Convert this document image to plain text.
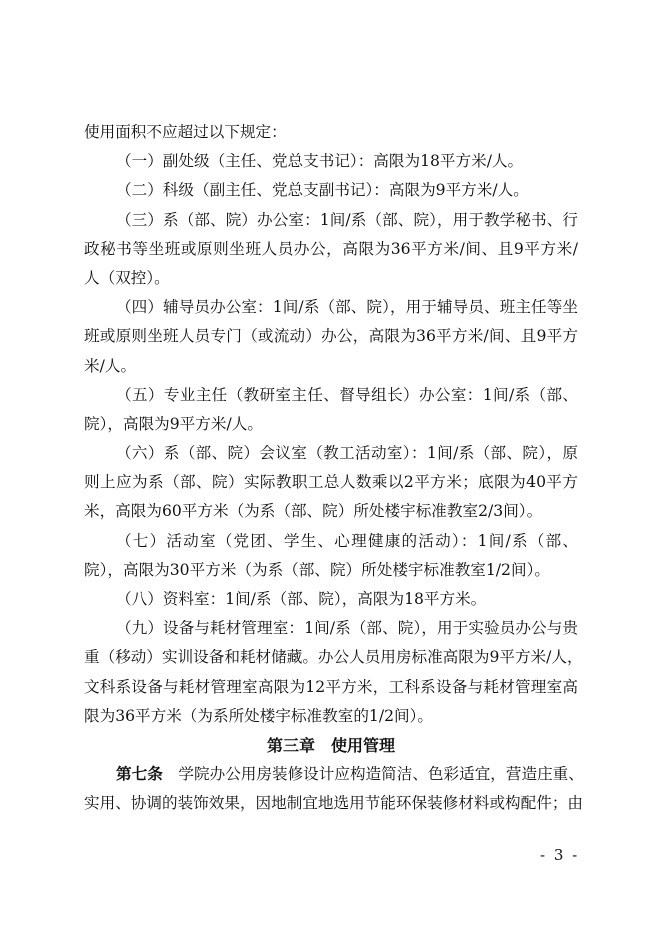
使用面积不应超过以下规定：
（一）副处级（主任、党总支书记）：高限为18平方米/人。
（二）科级（副主任、党总支副书记）：高限为9平方米/人。
（三）系（部、院）办公室：1间/系（部、院），用于教学秘书、行
政秘书等坐班或原则坐班人员办公，高限为36平方米/间、且9平方米/
人（双控）。
（四）辅导员办公室：1间/系（部、院），用于辅导员、班主任等坐
班或原则坐班人员专门（或流动）办公，高限为36平方米/间、且9平方
米/人。
（五）专业主任（教研室主任、督导组长）办公室：1间/系（部、
院），高限为9平方米/人。
（六）系（部、院）会议室（教工活动室）：1间/系（部、院），原
则上应为系（部、院）实际教职工总人数乘以2平方米；底限为40平方
米，高限为60平方米（为系（部、院）所处楼宇标准教室2/3间）。
（七）活动室（党团、学生、心理健康的活动）：1间/系（部、
院），高限为30平方米（为系（部、院）所处楼宇标准教室1/2间）。
（八）资料室：1间/系（部、院），高限为18平方米。
（九）设备与耗材管理室：1间/系（部、院），用于实验员办公与贵
重（移动）实训设备和耗材储藏。办公人员用房标准高限为9平方米/人，
文科系设备与耗材管理室高限为12平方米，工科系设备与耗材管理室高
限为36平方米（为系所处楼宇标准教室的1/2间）。
第三章　使用管理
第七条　 学院办公用房装修设计应构造简洁、色彩适宜，营造庄重、
实用、协调的装饰效果，因地制宜地选用节能环保装修材料或构配件；由
- 3 -
